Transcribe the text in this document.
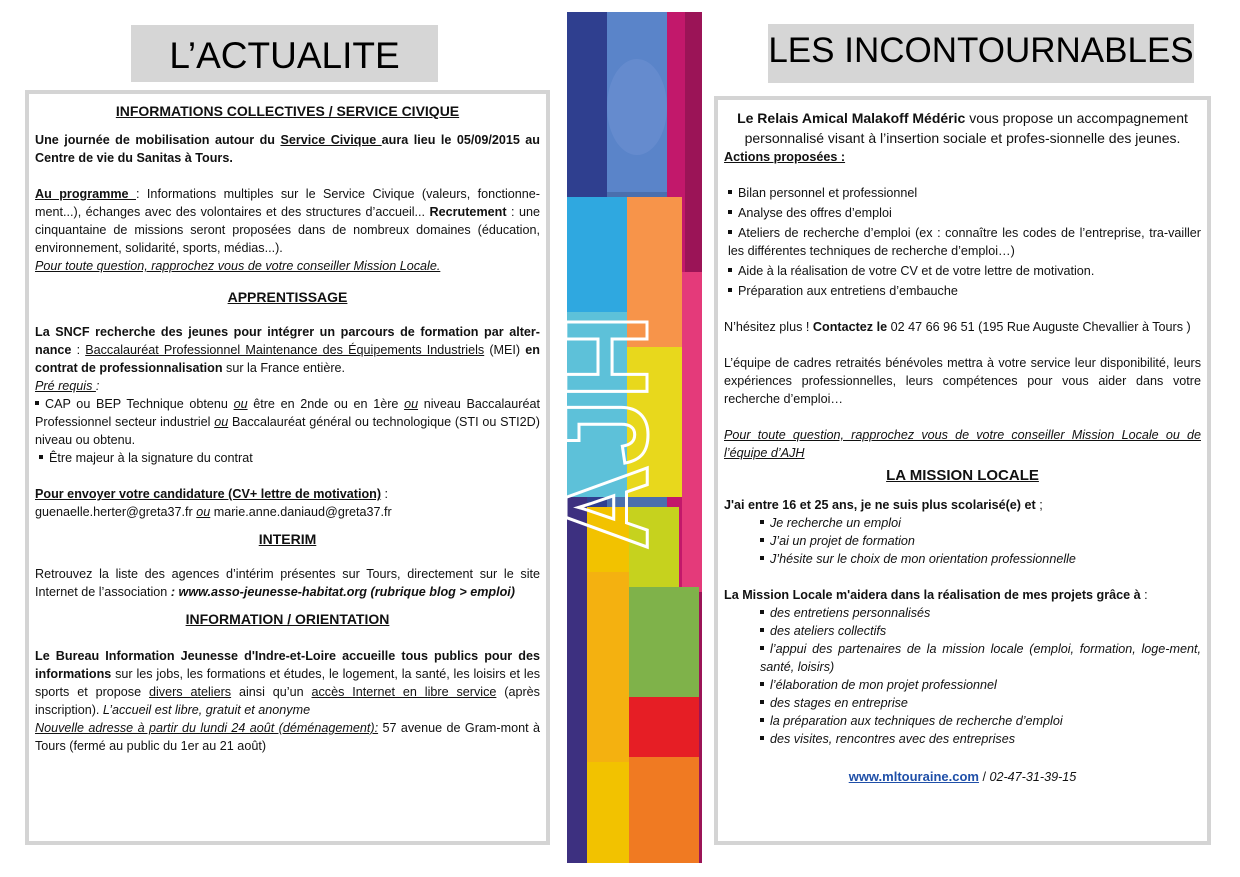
L’ACTUALITE	LES INCONTOURNABLES
INFORMATIONS COLLECTIVES / SERVICE CIVIQUE
Une journée de mobilisation autour du Service Civique aura lieu le 05/09/2015 au Centre de vie du Sanitas à Tours.
Au programme : Informations multiples sur le Service Civique (valeurs, fonctionne-ment...), échanges avec des volontaires et des structures d’accueil... Recrutement : une cinquantaine de missions seront proposées dans de nombreux domaines (éducation, environnement, solidarité, sports, médias...).
Pour toute question, rapprochez vous de votre conseiller Mission Locale.
APPRENTISSAGE
La SNCF recherche des jeunes pour intégrer un parcours de formation par alter-nance : Baccalauréat Professionnel Maintenance des Équipements Industriels (MEI) en contrat de professionnalisation sur la France entière.
Pré requis :
CAP ou BEP Technique obtenu ou être en 2nde ou en 1ère ou niveau Baccalauréat Professionnel secteur industriel ou Baccalauréat général ou technologique (STI ou STI2D) niveau ou obtenu.
Être majeur à la signature du contrat
Pour envoyer votre candidature (CV+ lettre de motivation) :
guenaelle.herter@greta37.fr ou marie.anne.daniaud@greta37.fr
INTERIM
Retrouvez la liste des agences d’intérim présentes sur Tours, directement sur le site Internet de l’association : www.asso-jeunesse-habitat.org (rubrique blog > emploi)
INFORMATION / ORIENTATION
Le Bureau Information Jeunesse d'Indre-et-Loire accueille tous publics pour des informations sur les jobs, les formations et études, le logement, la santé, les loisirs et les sports et propose divers ateliers ainsi qu’un accès Internet en libre service (après inscription). L’accueil est libre, gratuit et anonyme
Nouvelle adresse à partir du lundi 24 août (déménagement): 57 avenue de Gram-mont à Tours (fermé au public du 1er au 21 août)
AJH
Le Relais Amical Malakoff Médéric vous propose un accompagnement personnalisé visant à l’insertion sociale et profes-sionnelle des jeunes.
Actions proposées :
Bilan personnel et professionnel
Analyse des offres d’emploi
Ateliers de recherche d’emploi (ex : connaître les codes de l’entreprise, tra-vailler les différentes techniques de recherche d’emploi…)
Aide à la réalisation de votre CV et de votre lettre de motivation.
Préparation aux entretiens d’embauche
N’hésitez plus ! Contactez le 02 47 66 96 51 (195 Rue Auguste Chevallier à Tours )
L’équipe de cadres retraités bénévoles mettra à votre service leur disponibilité, leurs expériences professionnelles, leurs compétences pour vous aider dans votre recherche d’emploi…
Pour toute question, rapprochez vous de votre conseiller Mission Locale ou de l’équipe d’AJH
LA MISSION LOCALE
J'ai entre 16 et 25 ans, je ne suis plus scolarisé(e) et ;
Je recherche un emploi
J’ai un projet de formation
J’hésite sur le choix de mon orientation professionnelle
La Mission Locale m'aidera dans la réalisation de mes projets grâce à :
des entretiens personnalisés
des ateliers collectifs
l’appui des partenaires de la mission locale (emploi, formation, loge-ment, santé, loisirs)
l’élaboration de mon projet professionnel
des stages en entreprise
la préparation aux techniques de recherche d’emploi
des visites, rencontres avec des entreprises
www.mltouraine.com / 02-47-31-39-15
